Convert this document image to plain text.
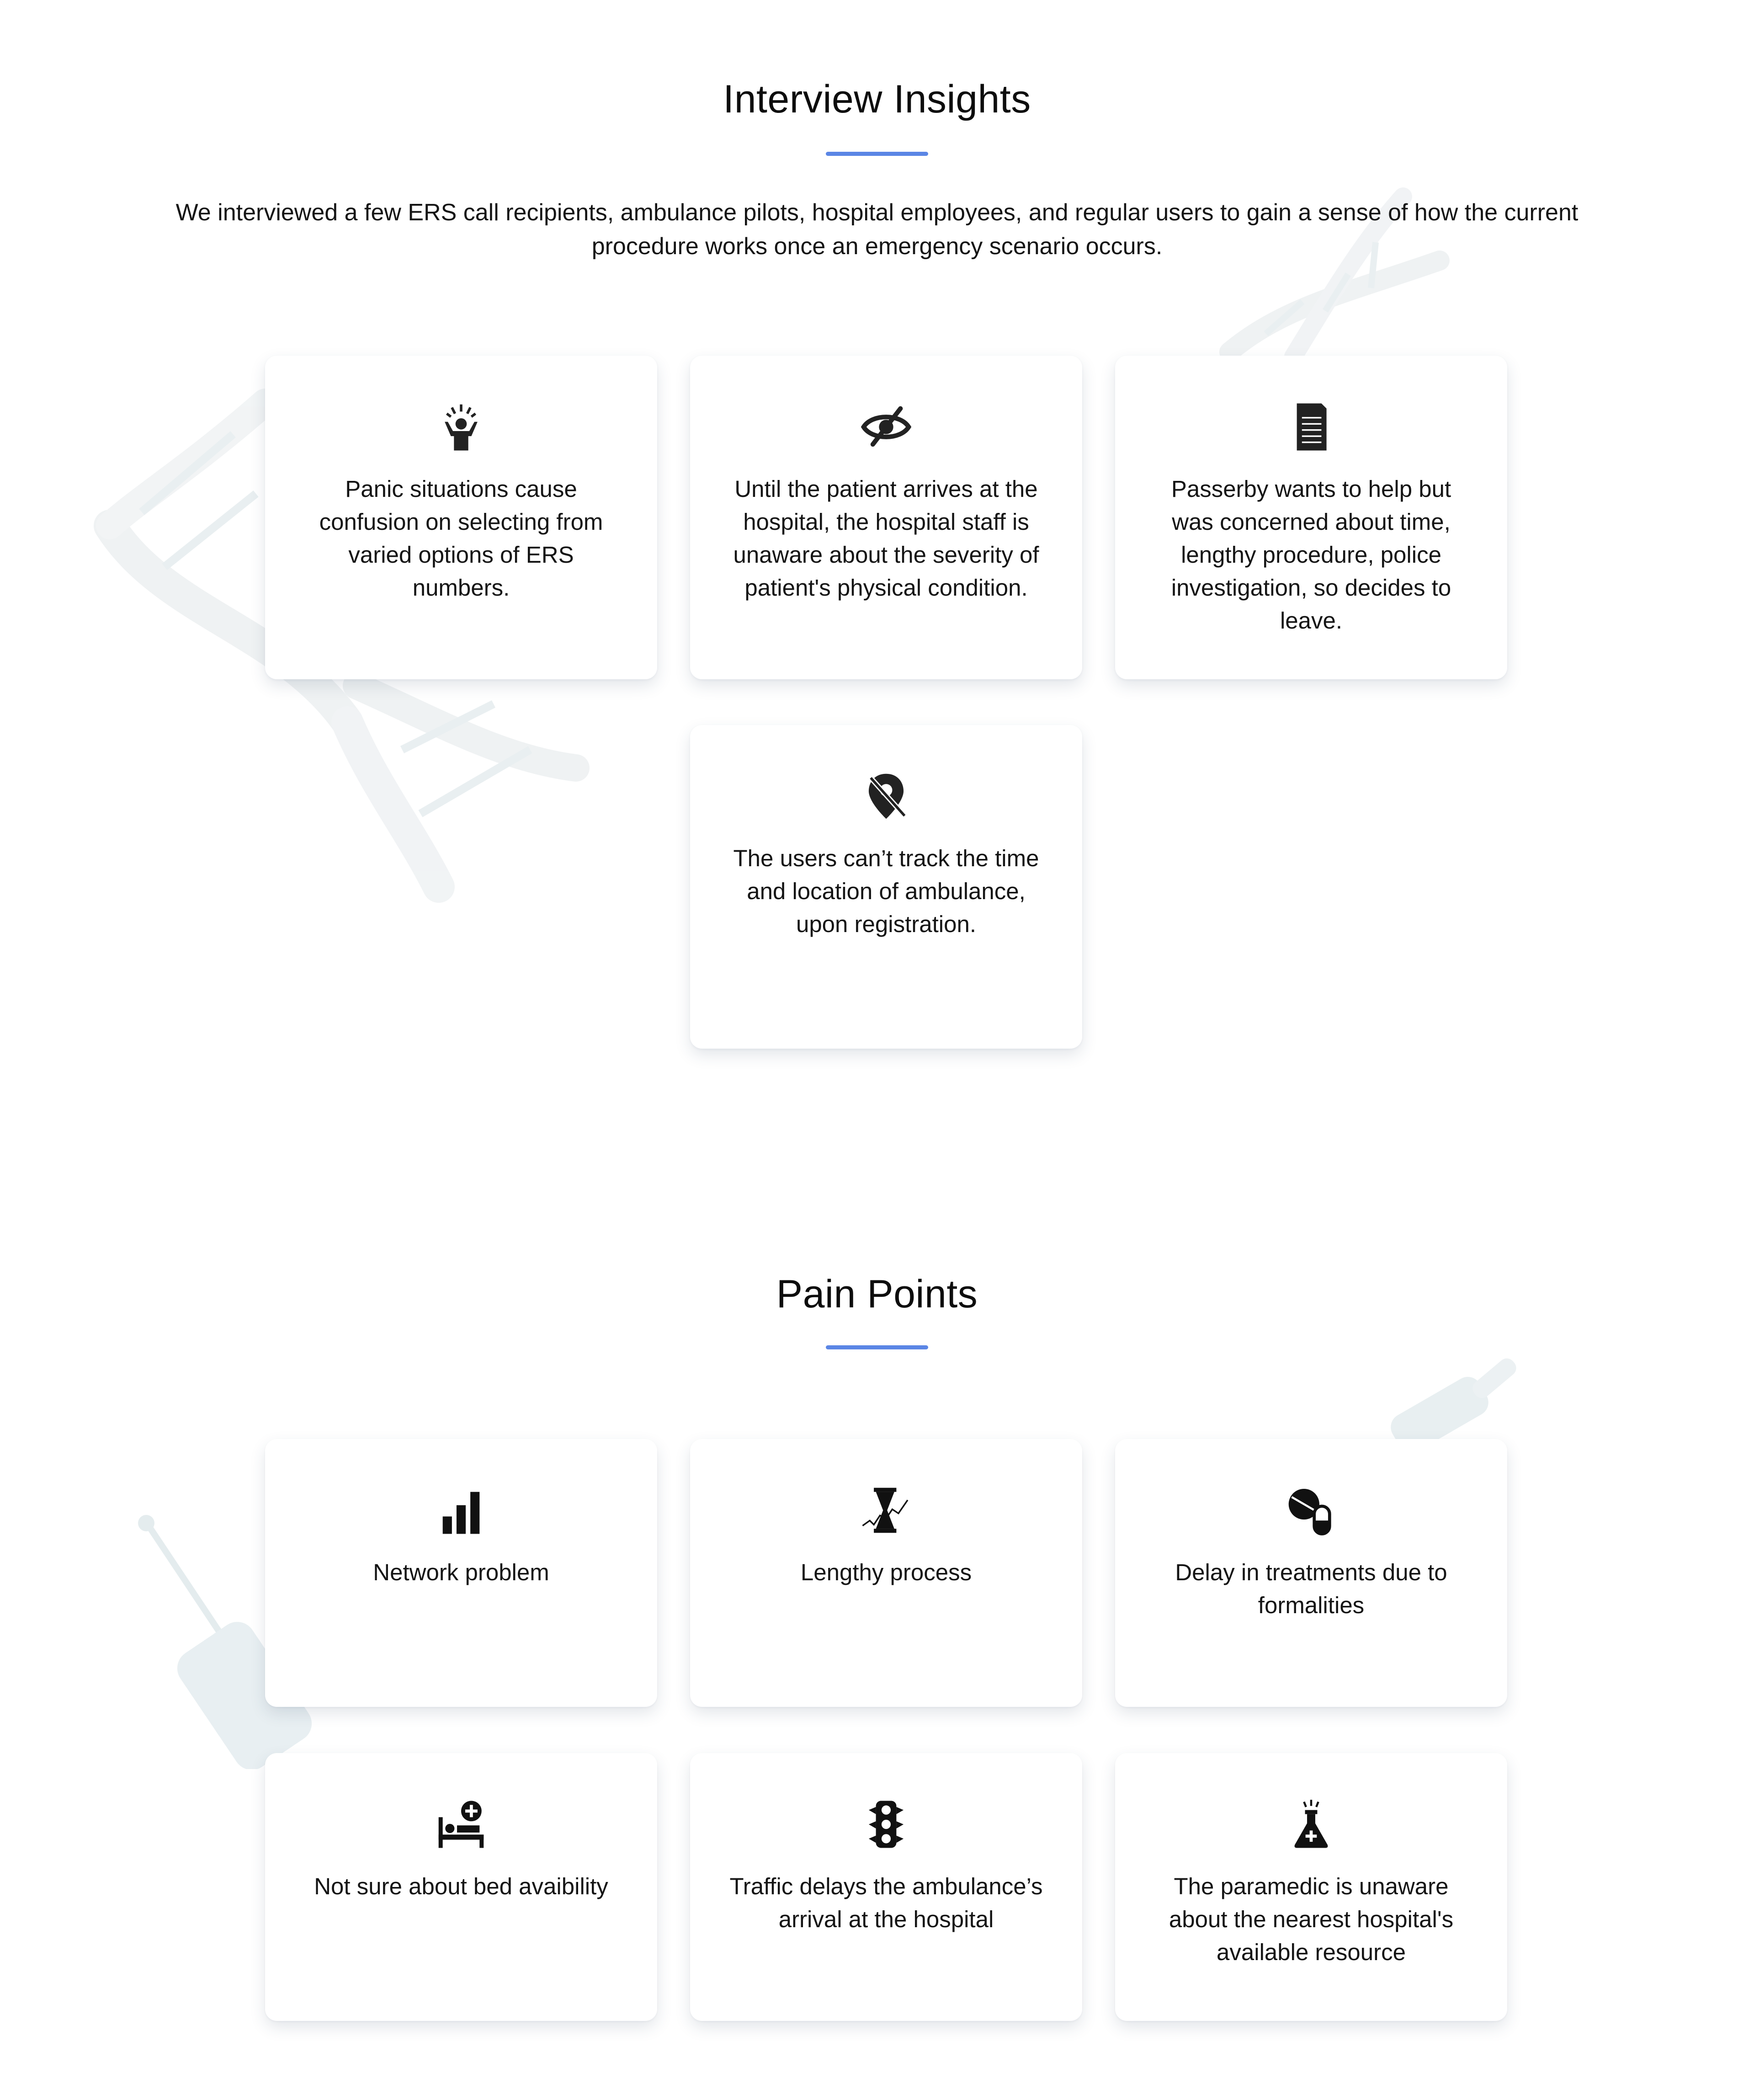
Interview Insights

We interviewed a few ERS call recipients, ambulance pilots, hospital employees, and regular users to gain a sense of how the current procedure works once an emergency scenario occurs.

Panic situations cause confusion on selecting from varied options of ERS numbers.

Until the patient arrives at the hospital, the hospital staff is unaware about the severity of patient's physical condition.

Passerby wants to help but was concerned about time, lengthy procedure, police investigation, so decides to leave.

The users can’t track the time and location of ambulance, upon registration.

Pain Points

Network problem	Lengthy process	Delay in treatments due to formalities

Not sure about bed avaibility	Traffic delays the ambulance’s arrival at the hospital

The paramedic is unaware about the nearest hospital's available resource
